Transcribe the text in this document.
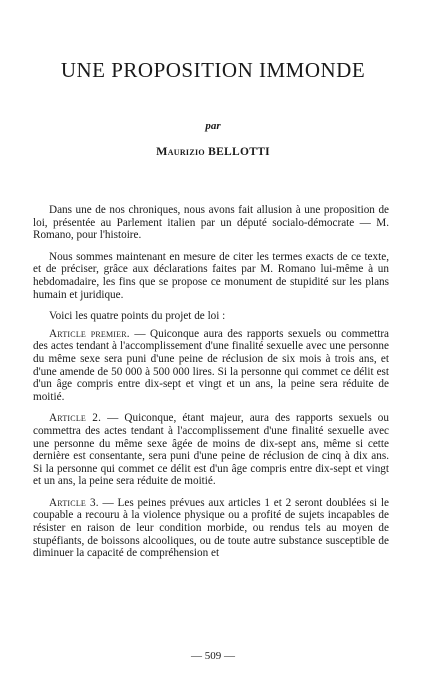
UNE PROPOSITION IMMONDE
par
Maurizio BELLOTTI

Dans une de nos chroniques, nous avons fait allusion à une proposition de loi, présentée au Parlement italien par un député socialo-démocrate — M. Romano, pour l'histoire.

Nous sommes maintenant en mesure de citer les termes exacts de ce texte, et de préciser, grâce aux déclarations faites par M. Romano lui-même à un hebdomadaire, les fins que se propose ce monument de stupidité sur les plans humain et juridique.

Voici les quatre points du projet de loi :

Article premier. — Quiconque aura des rapports sexuels ou commettra des actes tendant à l'accomplissement d'une finalité sexuelle avec une personne du même sexe sera puni d'une peine de réclusion de six mois à trois ans, et d'une amende de 50 000 à 500 000 lires. Si la personne qui commet ce délit est d'un âge compris entre dix-sept et vingt et un ans, la peine sera réduite de moitié.

Article 2. — Quiconque, étant majeur, aura des rapports sexuels ou commettra des actes tendant à l'accomplissement d'une finalité sexuelle avec une personne du même sexe âgée de moins de dix-sept ans, même si cette dernière est consentante, sera puni d'une peine de réclusion de cinq à dix ans. Si la personne qui commet ce délit est d'un âge compris entre dix-sept et vingt et un ans, la peine sera réduite de moitié.

Article 3. — Les peines prévues aux articles 1 et 2 seront doublées si le coupable a recouru à la violence physique ou a profité de sujets incapables de résister en raison de leur condition morbide, ou rendus tels au moyen de stupéfiants, de boissons alcooliques, ou de toute autre substance susceptible de diminuer la capacité de compréhension et

— 509 —
